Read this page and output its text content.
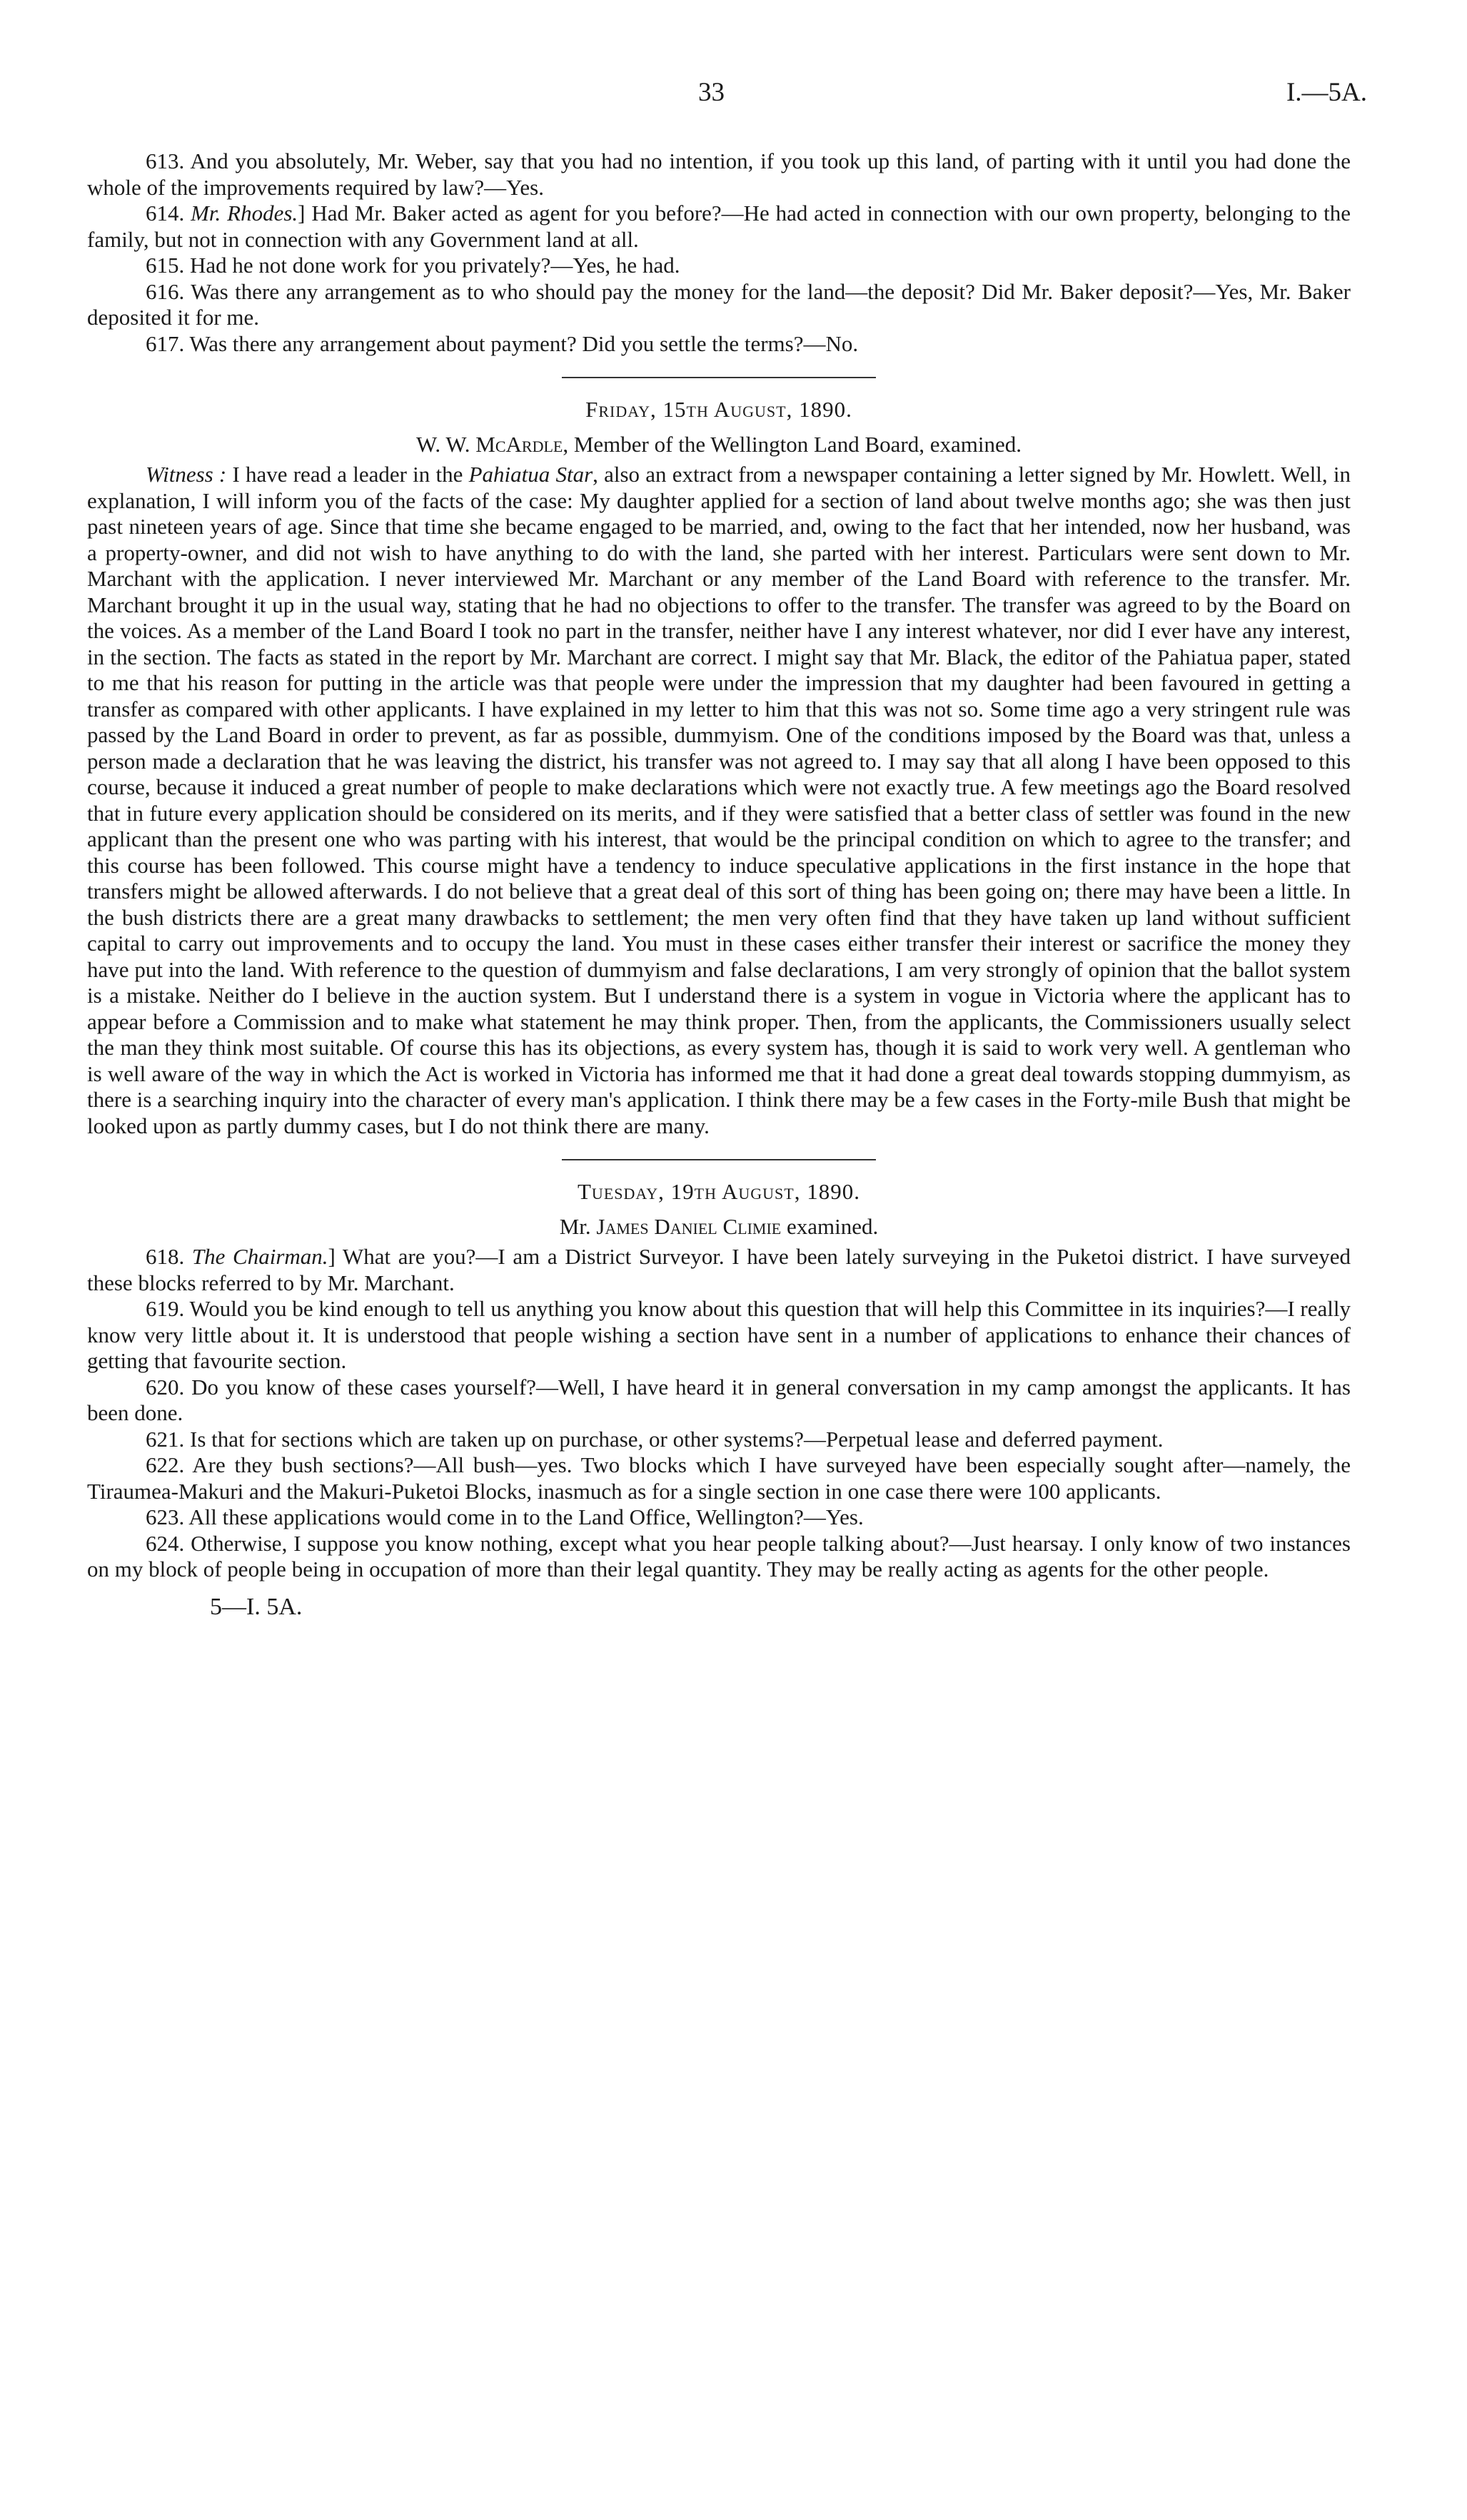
33	I.—5A.

613. And you absolutely, Mr. Weber, say that you had no intention, if you took up this land, of parting with it until you had done the whole of the improvements required by law?—Yes.

614. Mr. Rhodes.] Had Mr. Baker acted as agent for you before?—He had acted in connection with our own property, belonging to the family, but not in connection with any Government land at all.

615. Had he not done work for you privately?—Yes, he had.

616. Was there any arrangement as to who should pay the money for the land—the deposit? Did Mr. Baker deposit?—Yes, Mr. Baker deposited it for me.

617. Was there any arrangement about payment? Did you settle the terms?—No.

Friday, 15th August, 1890.

W. W. McArdle, Member of the Wellington Land Board, examined.

Witness : I have read a leader in the Pahiatua Star, also an extract from a newspaper containing a letter signed by Mr. Howlett. Well, in explanation, I will inform you of the facts of the case: My daughter applied for a section of land about twelve months ago; she was then just past nineteen years of age. Since that time she became engaged to be married, and, owing to the fact that her intended, now her husband, was a property-owner, and did not wish to have anything to do with the land, she parted with her interest. Particulars were sent down to Mr. Marchant with the application. I never interviewed Mr. Marchant or any member of the Land Board with reference to the transfer. Mr. Marchant brought it up in the usual way, stating that he had no objections to offer to the transfer. The transfer was agreed to by the Board on the voices. As a member of the Land Board I took no part in the transfer, neither have I any interest whatever, nor did I ever have any interest, in the section. The facts as stated in the report by Mr. Marchant are correct. I might say that Mr. Black, the editor of the Pahiatua paper, stated to me that his reason for putting in the article was that people were under the impression that my daughter had been favoured in getting a transfer as compared with other applicants. I have explained in my letter to him that this was not so. Some time ago a very stringent rule was passed by the Land Board in order to prevent, as far as possible, dummyism. One of the conditions imposed by the Board was that, unless a person made a declaration that he was leaving the district, his transfer was not agreed to. I may say that all along I have been opposed to this course, because it induced a great number of people to make declarations which were not exactly true. A few meetings ago the Board resolved that in future every application should be considered on its merits, and if they were satisfied that a better class of settler was found in the new applicant than the present one who was parting with his interest, that would be the principal condition on which to agree to the transfer; and this course has been followed. This course might have a tendency to induce speculative applications in the first instance in the hope that transfers might be allowed afterwards. I do not believe that a great deal of this sort of thing has been going on; there may have been a little. In the bush districts there are a great many drawbacks to settlement; the men very often find that they have taken up land without sufficient capital to carry out improvements and to occupy the land. You must in these cases either transfer their interest or sacrifice the money they have put into the land. With reference to the question of dummyism and false declarations, I am very strongly of opinion that the ballot system is a mistake. Neither do I believe in the auction system. But I understand there is a system in vogue in Victoria where the applicant has to appear before a Commission and to make what statement he may think proper. Then, from the applicants, the Commissioners usually select the man they think most suitable. Of course this has its objections, as every system has, though it is said to work very well. A gentleman who is well aware of the way in which the Act is worked in Victoria has informed me that it had done a great deal towards stopping dummyism, as there is a searching inquiry into the character of every man's application. I think there may be a few cases in the Forty-mile Bush that might be looked upon as partly dummy cases, but I do not think there are many.

Tuesday, 19th August, 1890.

Mr. James Daniel Climie examined.

618. The Chairman.] What are you?—I am a District Surveyor. I have been lately surveying in the Puketoi district. I have surveyed these blocks referred to by Mr. Marchant.

619. Would you be kind enough to tell us anything you know about this question that will help this Committee in its inquiries?—I really know very little about it. It is understood that people wishing a section have sent in a number of applications to enhance their chances of getting that favourite section.

620. Do you know of these cases yourself?—Well, I have heard it in general conversation in my camp amongst the applicants. It has been done.

621. Is that for sections which are taken up on purchase, or other systems?—Perpetual lease and deferred payment.

622. Are they bush sections?—All bush—yes. Two blocks which I have surveyed have been especially sought after—namely, the Tiraumea-Makuri and the Makuri-Puketoi Blocks, inasmuch as for a single section in one case there were 100 applicants.

623. All these applications would come in to the Land Office, Wellington?—Yes.

624. Otherwise, I suppose you know nothing, except what you hear people talking about?—Just hearsay. I only know of two instances on my block of people being in occupation of more than their legal quantity. They may be really acting as agents for the other people.

5—I. 5A.
